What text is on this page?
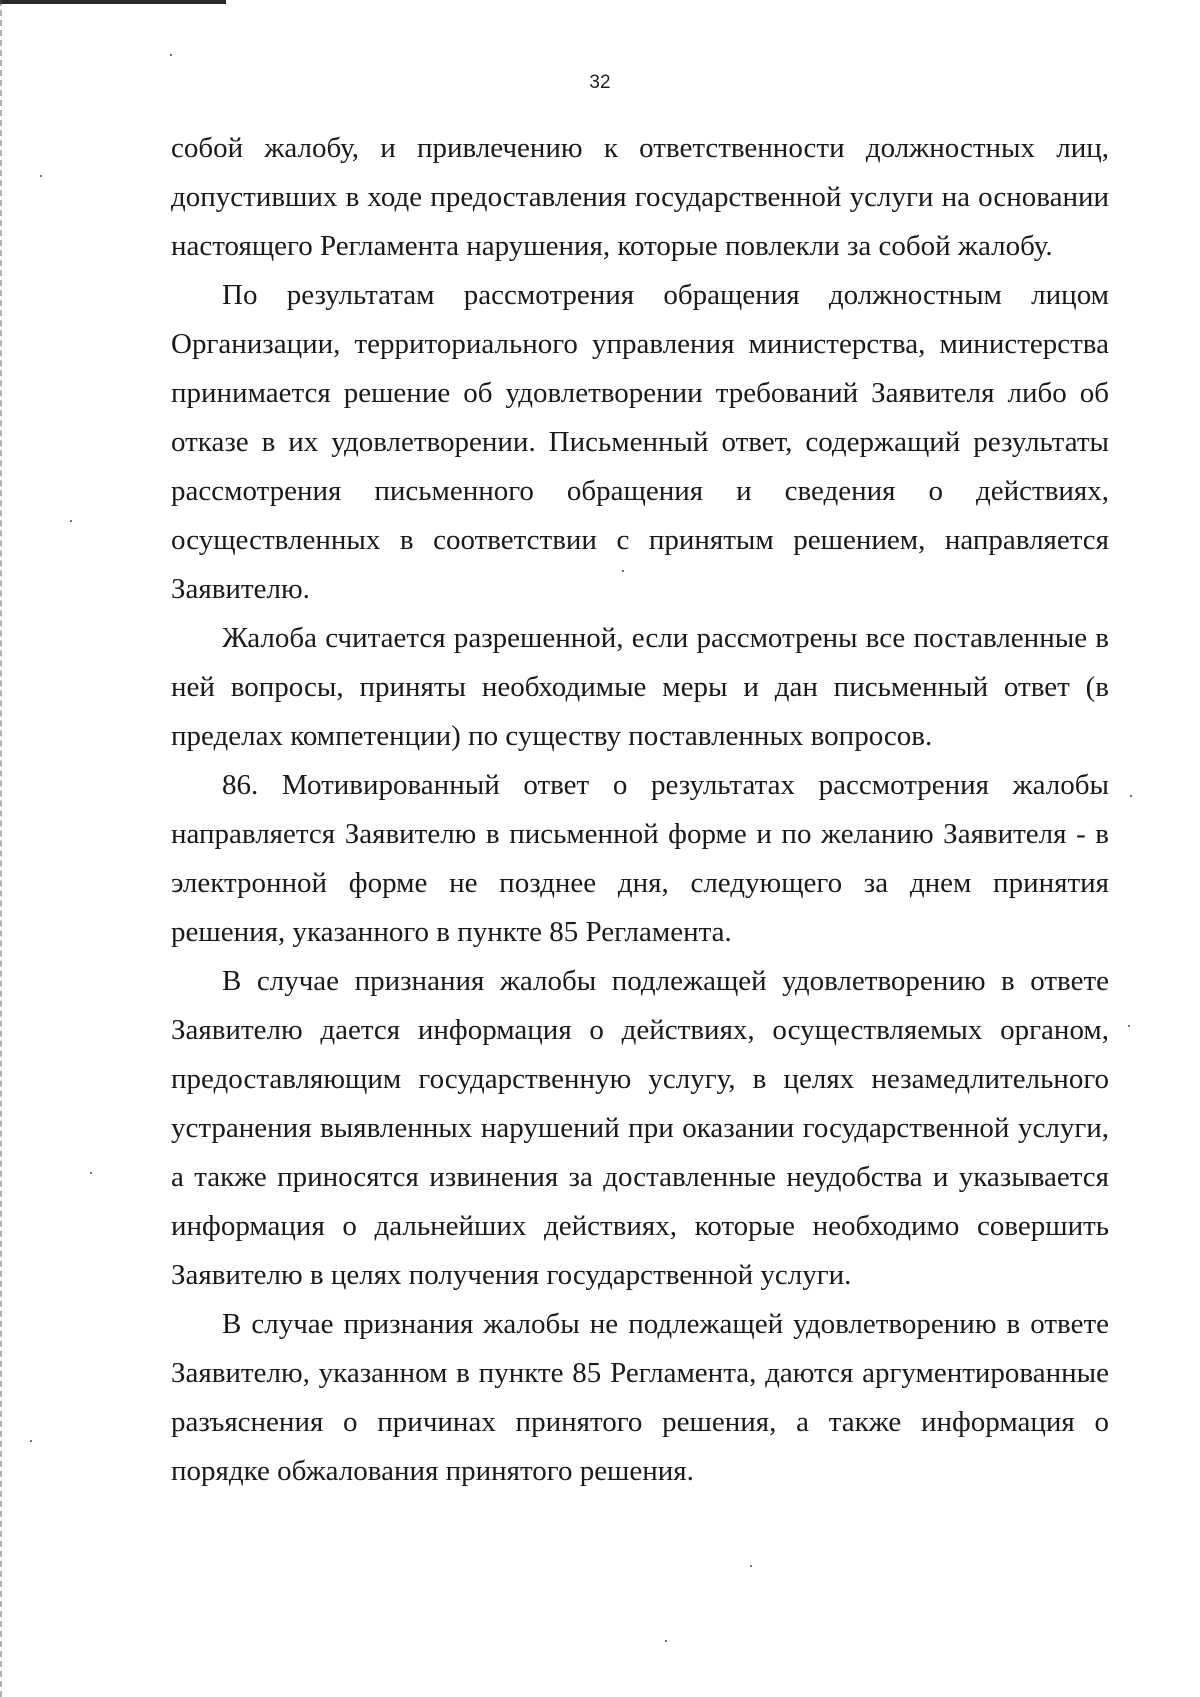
32

собой жалобу, и привлечению к ответственности должностных лиц, допустивших в ходе предоставления государственной услуги на основании настоящего Регламента нарушения, которые повлекли за собой жалобу.

По результатам рассмотрения обращения должностным лицом Организации, территориального управления министерства, министерства принимается решение об удовлетворении требований Заявителя либо об отказе в их удовлетворении. Письменный ответ, содержащий результаты рассмотрения письменного обращения и сведения о действиях, осуществленных в соответствии с принятым решением, направляется Заявителю.

Жалоба считается разрешенной, если рассмотрены все поставленные в ней вопросы, приняты необходимые меры и дан письменный ответ (в пределах компетенции) по существу поставленных вопросов.

86. Мотивированный ответ о результатах рассмотрения жалобы направляется Заявителю в письменной форме и по желанию Заявителя - в электронной форме не позднее дня, следующего за днем принятия решения, указанного в пункте 85 Регламента.

В случае признания жалобы подлежащей удовлетворению в ответе Заявителю дается информация о действиях, осуществляемых органом, предоставляющим государственную услугу, в целях незамедлительного устранения выявленных нарушений при оказании государственной услуги, а также приносятся извинения за доставленные неудобства и указывается информация о дальнейших действиях, которые необходимо совершить Заявителю в целях получения государственной услуги.

В случае признания жалобы не подлежащей удовлетворению в ответе Заявителю, указанном в пункте 85 Регламента, даются аргументированные разъяснения о причинах принятого решения, а также информация о порядке обжалования принятого решения.
